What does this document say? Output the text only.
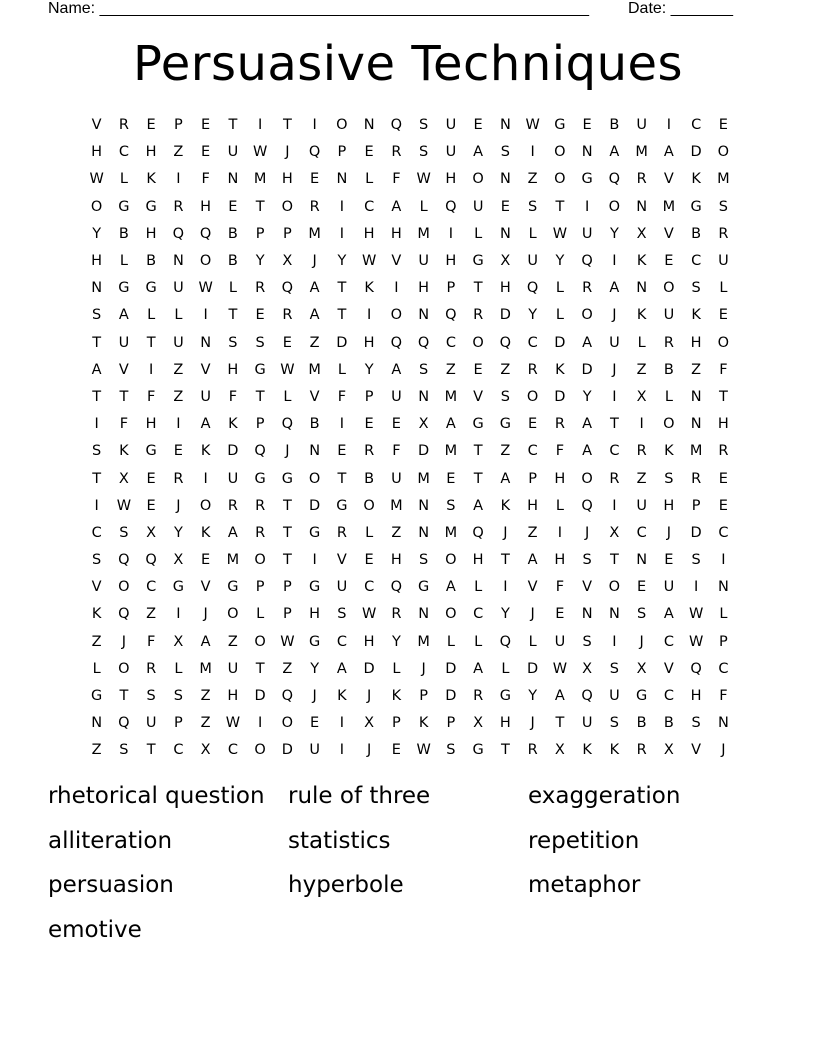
Name: _______________________________________________________ Date: _______
Persuasive Techniques
V	R	E	P	E	T	I	T	I	O	N	Q	S	U	E	N	W G	E	B	U	I	C	E
H	C	H	Z	E	U	W	J	Q	P	E	R	S	U	A	S	I	O	N	A	M	A	D	O
W	L	K	I	F	N	M	H	E	N	L	F	W	H	O	N	Z	O	G	Q	R	V	K	M
O	G	G	R	H	E	T	O	R	I	C	A	L	Q	U	E	S	T	I	O	N	M	G	S
Y	B	H	Q	Q	B	P	P	M	I	H	H	M	I	L	N	L	W	U	Y	X	V	B	R
H	L	B	N	O	B	Y	X	J	Y	W	V	U	H	G	X	U	Y	Q	I	K	E	C	U
N	G	G	U	W	L	R	Q	A	T	K	I	H	P	T	H	Q	L	R	A	N	O	S	L
S	A	L	L	I	T	E	R	A	T	I	O	N	Q	R	D	Y	L	O	J	K	U	K	E
T	U	T	U	N	S	S	E	Z	D	H	Q	Q	C	O	Q	C	D	A	U	L	R	H	O
A	V	I	Z	V	H	G W M	L	Y	A	S	Z	E	Z	R	K	D	J	Z	B	Z	F
T	T	F	Z	U	F	T	L	V	F	P	U	N	M	V	S	O	D	Y	I	X	L	N	T
I	F	H	I	A	K	P	Q	B	I	E	E	X	A	G	G	E	R	A	T	I	O	N	H
S	K	G	E	K	D	Q	J	N	E	R	F	D	M	T	Z	C	F	A	C	R	K	M	R
T	X	E	R	I	U	G	G	O	T	B	U	M	E	T	A	P	H	O	R	Z	S	R	E
I	W	E	J	O	R	R	T	D	G	O	M	N	S	A	K	H	L	Q	I	U	H	P	E
C	S	X	Y	K	A	R	T	G	R	L	Z	N	M	Q	J	Z	I	J	X	C	J	D	C
S	Q	Q	X	E	M	O	T	I	V	E	H	S	O	H	T	A	H	S	T	N	E	S	I
V	O	C	G	V	G	P	P	G	U	C	Q	G	A	L	I	V	F	V	O	E	U	I	N
K	Q	Z	I	J	O	L	P	H	S	W	R	N	O	C	Y	J	E	N	N	S	A	W	L
Z	J	F	X	A	Z	O W G	C	H	Y	M	L	L	Q	L	U	S	I	J	C	W	P
L	O	R	L	M	U	T	Z	Y	A	D	L	J	D	A	L	D	W	X	S	X	V	Q	C
G	T	S	S	Z	H	D	Q	J	K	J	K	P	D	R	G	Y	A	Q	U	G	C	H	F
N	Q	U	P	Z	W	I	O	E	I	X	P	K	P	X	H	J	T	U	S	B	B	S	N
Z	S	T	C	X	C	O	D	U	I	J	E	W	S	G	T	R	X	K	K	R	X	V	J
rhetorical question	rule of three	exaggeration
alliteration	statistics	repetition
persuasion	hyperbole	metaphor
emotive
